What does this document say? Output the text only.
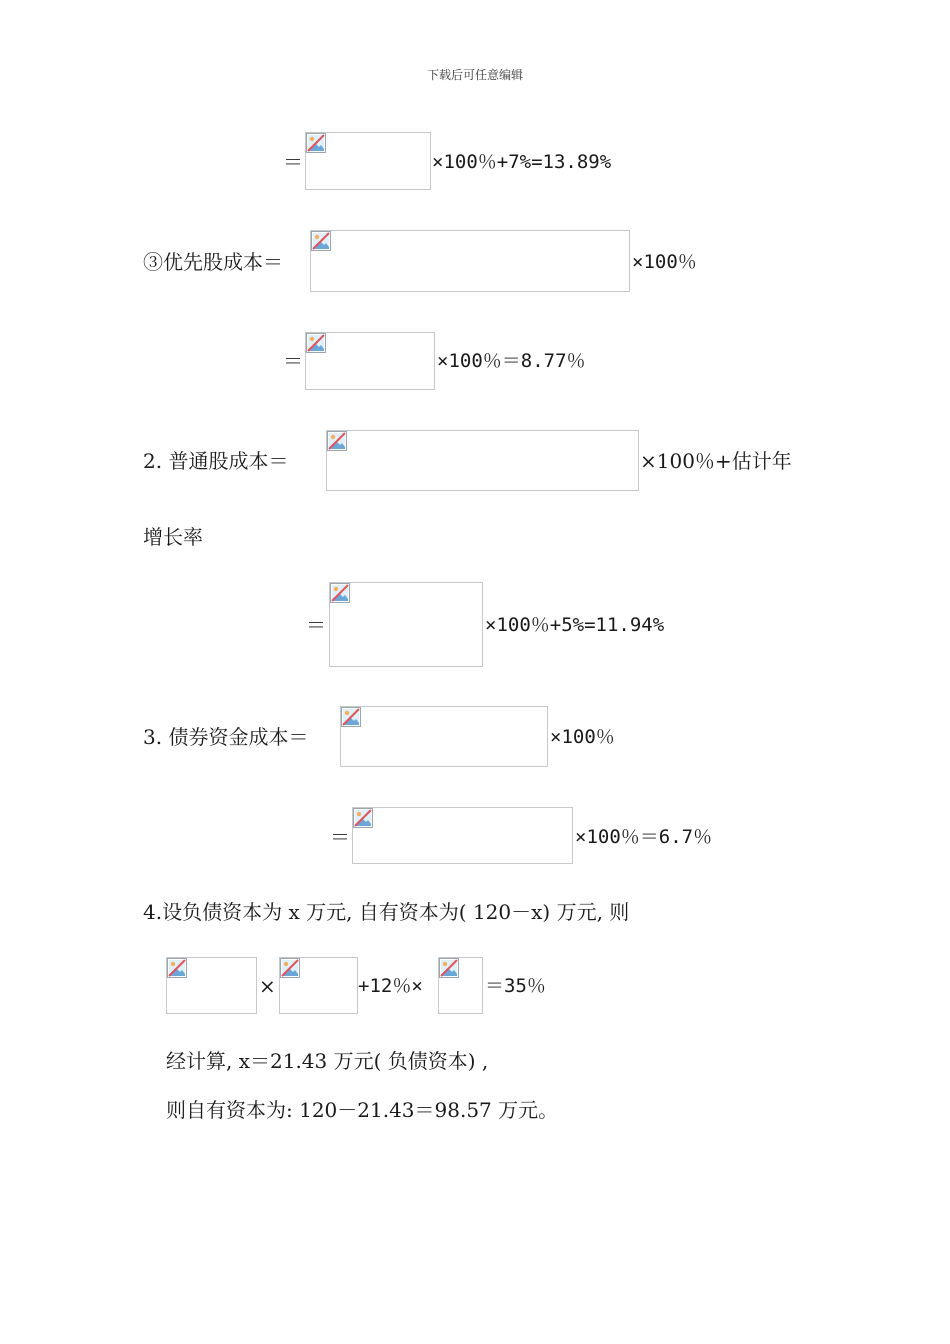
下载后可任意编辑
＝	×100％+7%=13.89%
③优先股成本＝	×100％
＝	×100％＝8.77％
2. 普通股成本＝	×100％+估计年
增长率
＝	×100％+5%=11.94%
3. 债券资金成本＝	×100％
＝	×100％＝6.7％
4.设负债资本为 x 万元, 自有资本为( 120－x) 万元, 则
×	+12％×	＝35％
经计算, x＝21.43 万元( 负债资本) ,
则自有资本为: 120－21.43＝98.57 万元。
